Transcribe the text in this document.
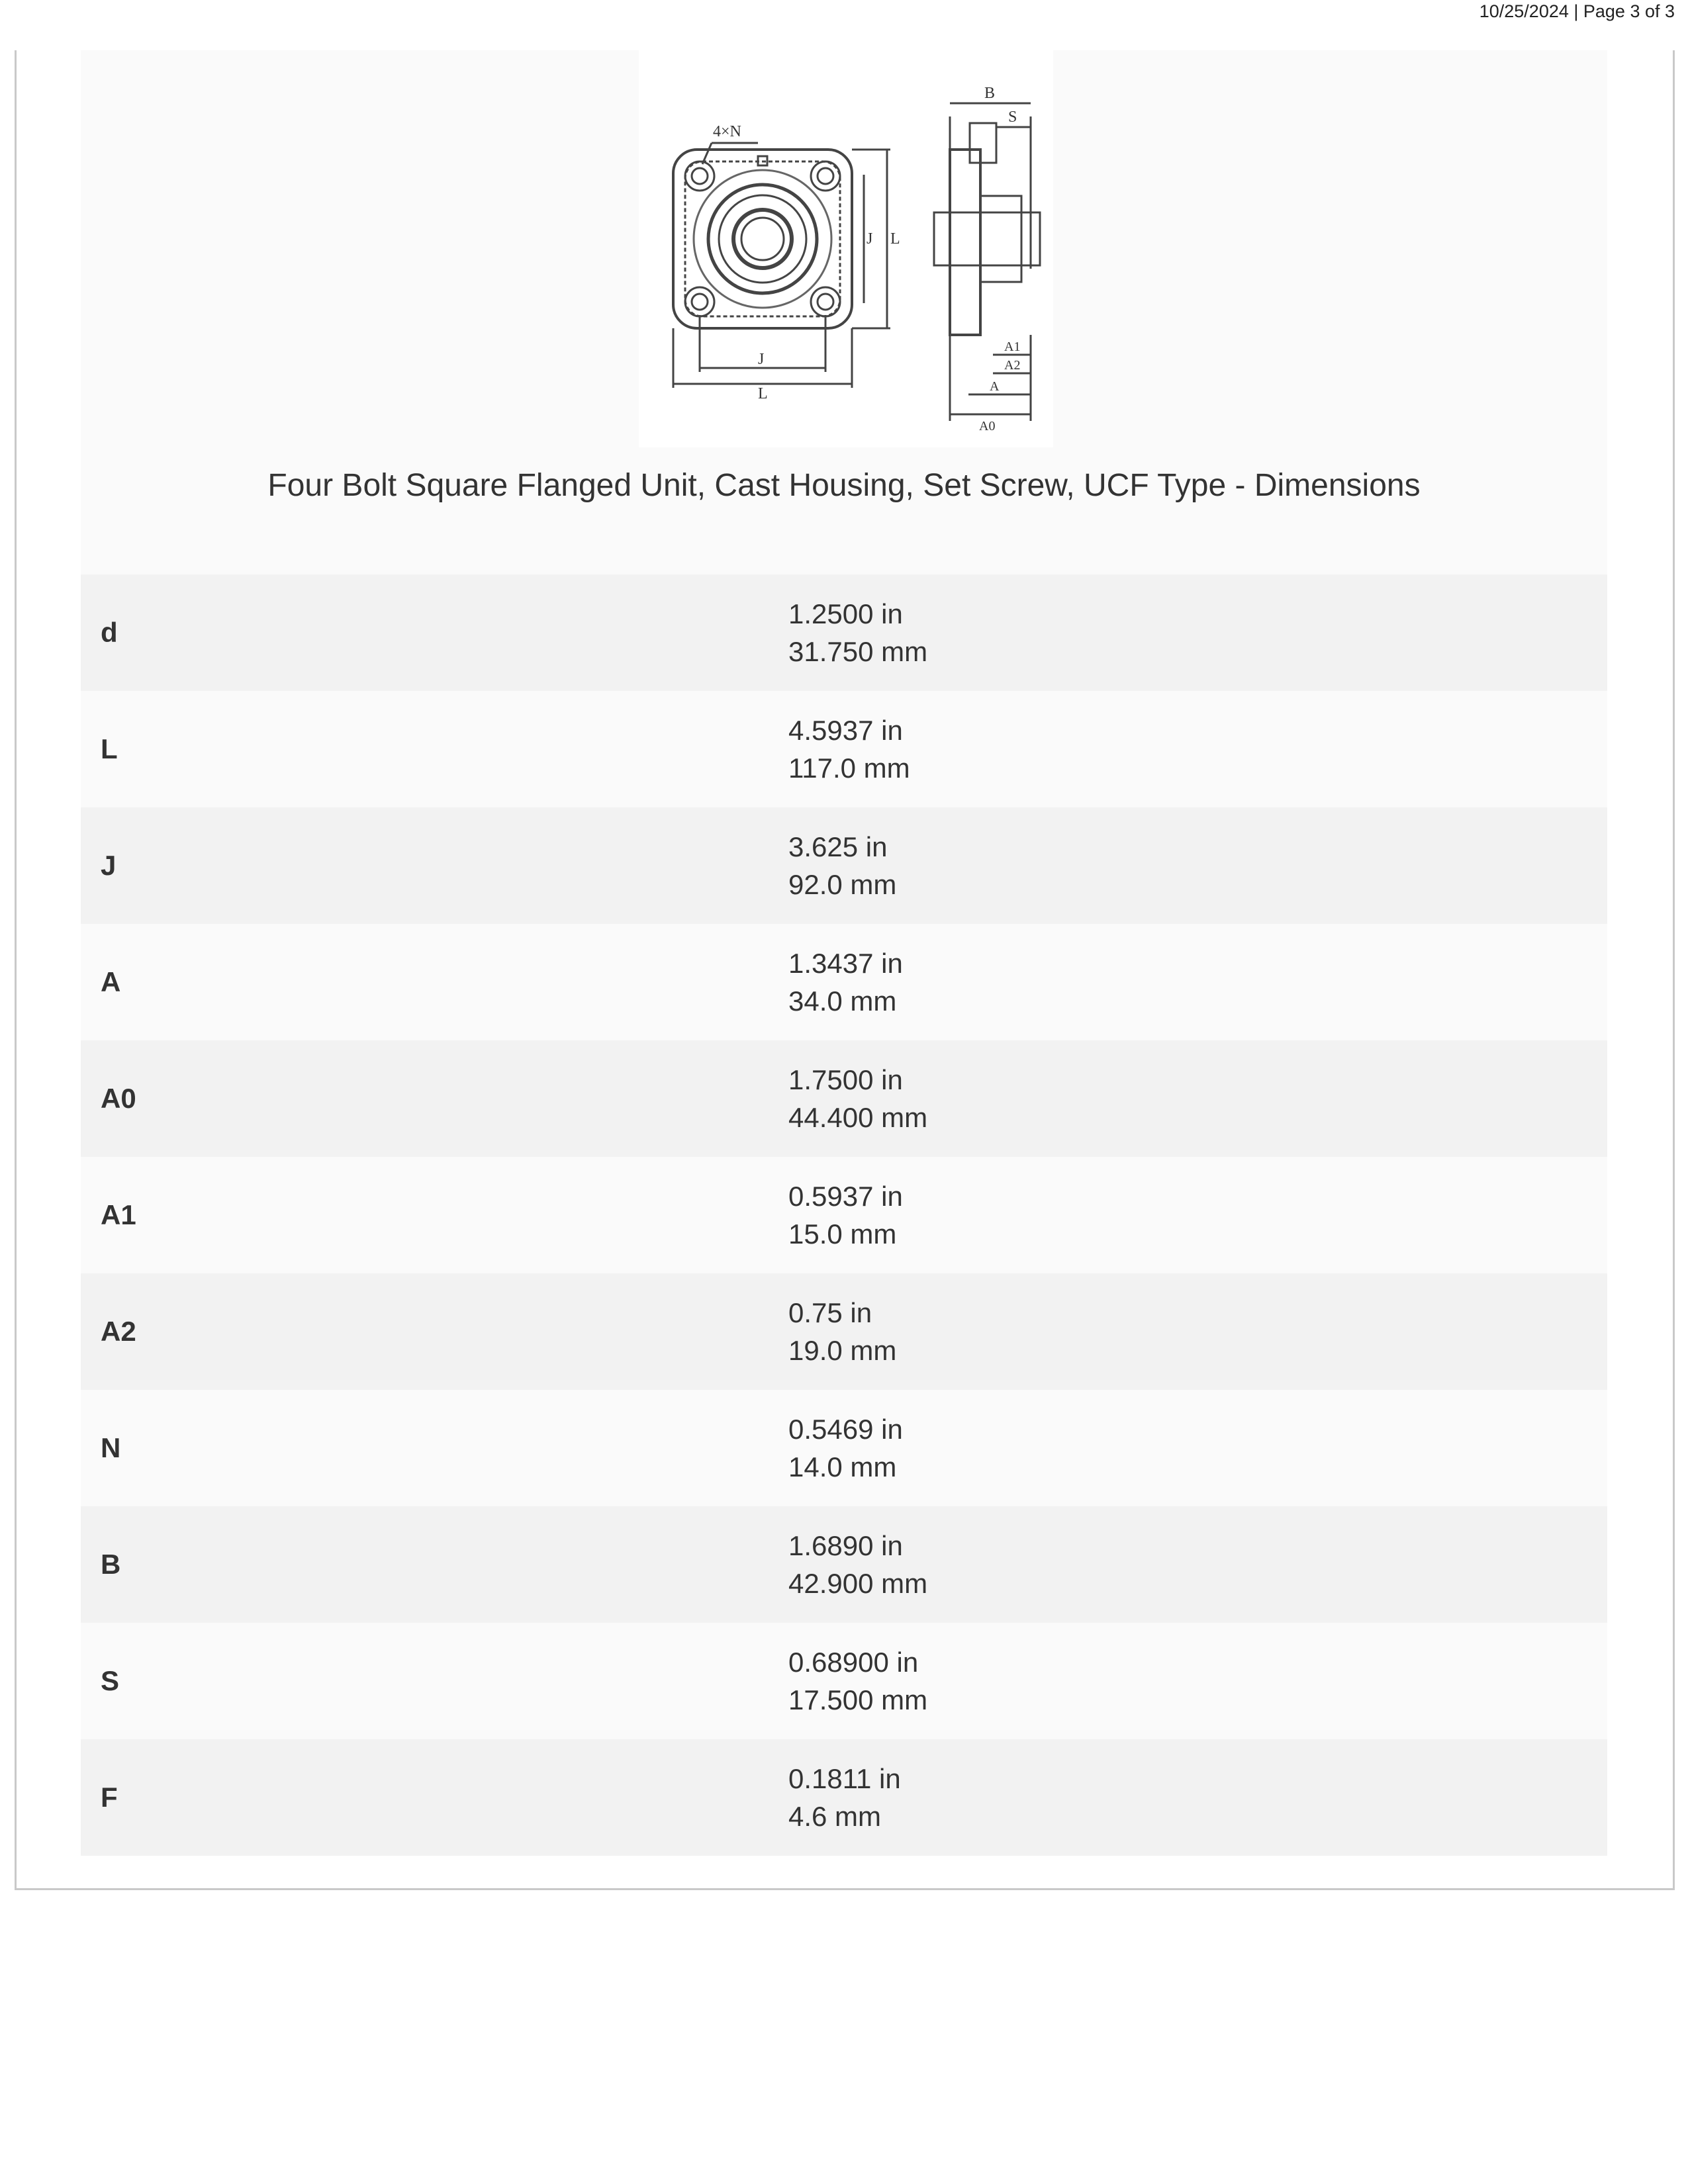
10/25/2024 | Page 3 of 3
4×N
B
S
J L
J
L
A1
A2
A
A0
Four Bolt Square Flanged Unit, Cast Housing, Set Screw, UCF Type - Dimensions
d
1.2500 in
31.750 mm
L
4.5937 in
117.0 mm
J
3.625 in
92.0 mm
A
1.3437 in
34.0 mm
A0
1.7500 in
44.400 mm
A1
0.5937 in
15.0 mm
A2
0.75 in
19.0 mm
N
0.5469 in
14.0 mm
B
1.6890 in
42.900 mm
S
0.68900 in
17.500 mm
F
0.1811 in
4.6 mm
